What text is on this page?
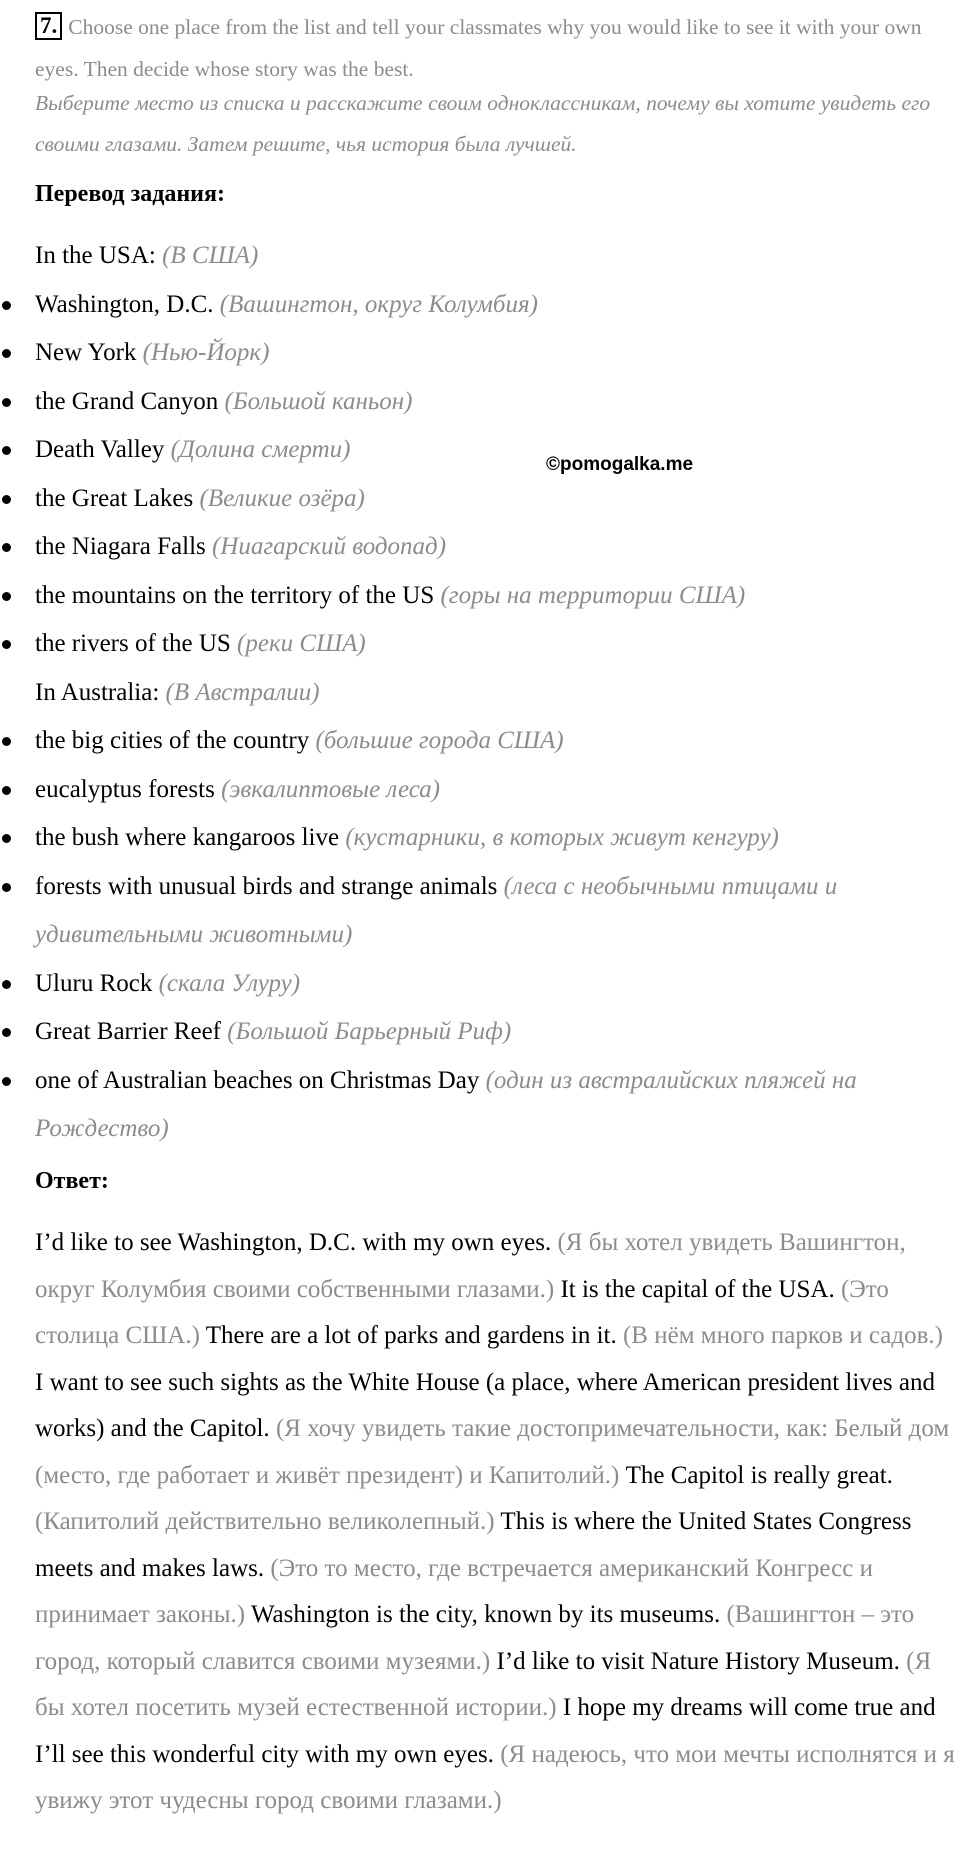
7. Choose one place from the list and tell your classmates why you would like to see it with your own eyes. Then decide whose story was the best.
Выберите место из списка и расскажите своим одноклассникам, почему вы хотите увидеть его своими глазами. Затем решите, чья история была лучшей.
Перевод задания:
In the USA: (В США)
Washington, D.C. (Вашингтон, округ Колумбия)
New York (Нью-Йорк)
the Grand Canyon (Большой каньон)
Death Valley (Долина смерти)
the Great Lakes (Великие озёра)
the Niagara Falls (Ниагарский водопад)
the mountains on the territory of the US (горы на территории США)
the rivers of the US (реки США)
In Australia: (В Австралии)
the big cities of the country (большие города США)
eucalyptus forests (эвкалиптовые леса)
the bush where kangaroos live (кустарники, в которых живут кенгуру)
forests with unusual birds and strange animals (леса с необычными птицами и удивительными животными)
Uluru Rock (скала Улуру)
Great Barrier Reef (Большой Барьерный Риф)
one of Australian beaches on Christmas Day (один из австралийских пляжей на Рождество)
©pomogalka.me
Ответ:

I’d like to see Washington, D.C. with my own eyes. (Я бы хотел увидеть Вашингтон, округ Колумбия своими собственными глазами.) It is the capital of the USA. (Это столица США.) There are a lot of parks and gardens in it. (В нём много парков и садов.) I want to see such sights as the White House (a place, where American president lives and works) and the Capitol. (Я хочу увидеть такие достопримечательности, как: Белый дом (место, где работает и живёт президент) и Капитолий.) The Capitol is really great. (Капитолий действительно великолепный.) This is where the United States Congress meets and makes laws. (Это то место, где встречается американский Конгресс и принимает законы.) Washington is the city, known by its museums. (Вашингтон – это город, который славится своими музеями.) I’d like to visit Nature History Museum. (Я бы хотел посетить музей естественной истории.) I hope my dreams will come true and I’ll see this wonderful city with my own eyes. (Я надеюсь, что мои мечты исполнятся и я увижу этот чудесны город своими глазами.)
